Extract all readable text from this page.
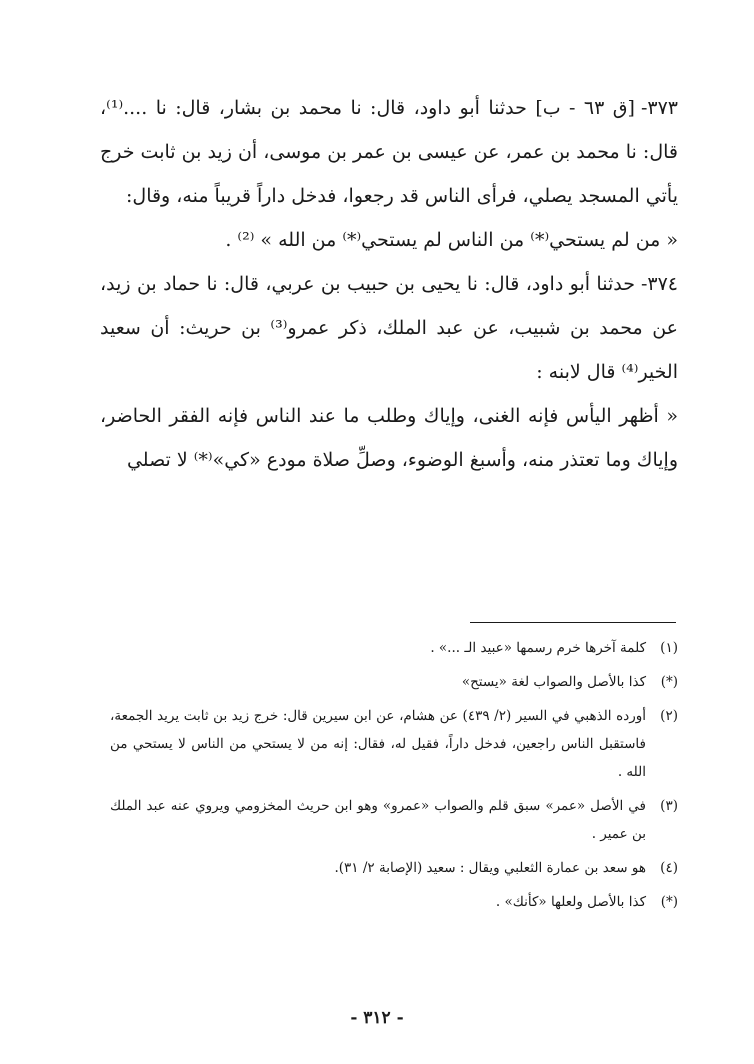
٣٧٣-[ق ٦٣ - ب] حدثنا أبو داود، قال: نا محمد بن بشار، قال: نا ....⁽¹⁾، قال: نا محمد بن عمر، عن عيسى بن عمر بن موسى، أن زيد بن ثابت خرج يأتي المسجد يصلي، فرأى الناس قد رجعوا، فدخل داراً قريباً منه، وقال:

« من لم يستحي⁽*⁾ من الناس لم يستحي⁽*⁾ من الله » ⁽²⁾ .

٣٧٤-حدثنا أبو داود، قال: نا يحيى بن حبيب بن عربي، قال: نا حماد بن زيد، عن محمد بن شبيب، عن عبد الملك، ذكر عمرو⁽³⁾ بن حريث: أن سعيد الخير⁽⁴⁾ قال لابنه :

« أظهر اليأس فإنه الغنى، وإياك وطلب ما عند الناس فإنه الفقر الحاضر، وإياك وما تعتذر منه، وأسبغ الوضوء، وصلِّ صلاة مودع «كي»⁽*⁾ لا تصلي

(١)
كلمة آخرها خرم رسمها «عبيد الـ ...» .
(*)
كذا بالأصل والصواب لغة «يستح»
(٢)
أورده الذهبي في السير (٢/ ٤٣٩) عن هشام، عن ابن سيرين قال: خرج زيد بن ثابت يريد الجمعة، فاستقبل الناس راجعين، فدخل داراً، فقيل له، فقال: إنه من لا يستحي من الناس لا يستحي من الله .
(٣)
في الأصل «عمر» سبق قلم والصواب «عمرو» وهو ابن حريث المخزومي ويروي عنه عبد الملك بن عمير .
(٤)
هو سعد بن عمارة الثعلبي ويقال : سعيد (الإصابة ٢/ ٣١).
(*)
كذا بالأصل ولعلها «كأنك» .
- ٣١٢ -
